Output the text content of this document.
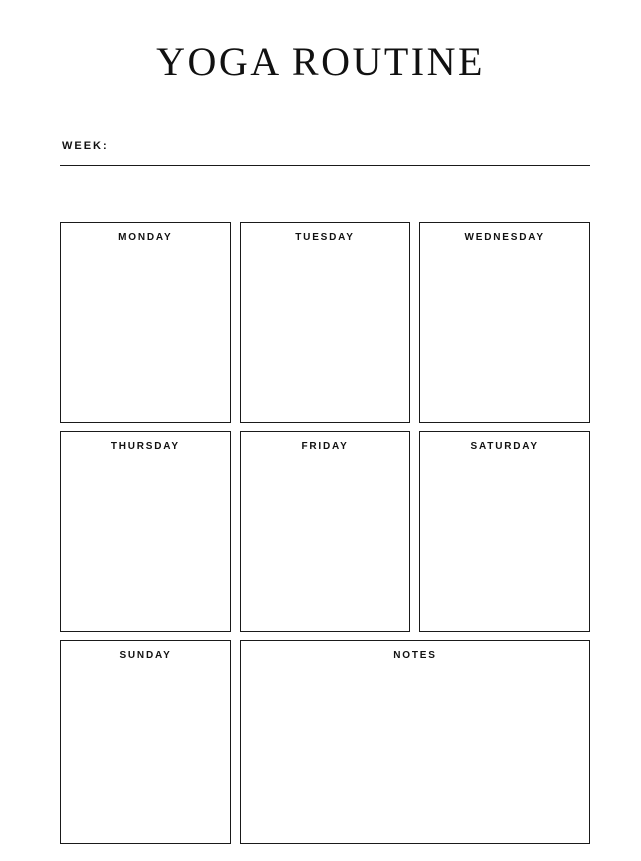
YOGA ROUTINE
WEEK:
MONDAY	TUESDAY	WEDNESDAY
THURSDAY	FRIDAY	SATURDAY
SUNDAY	NOTES
